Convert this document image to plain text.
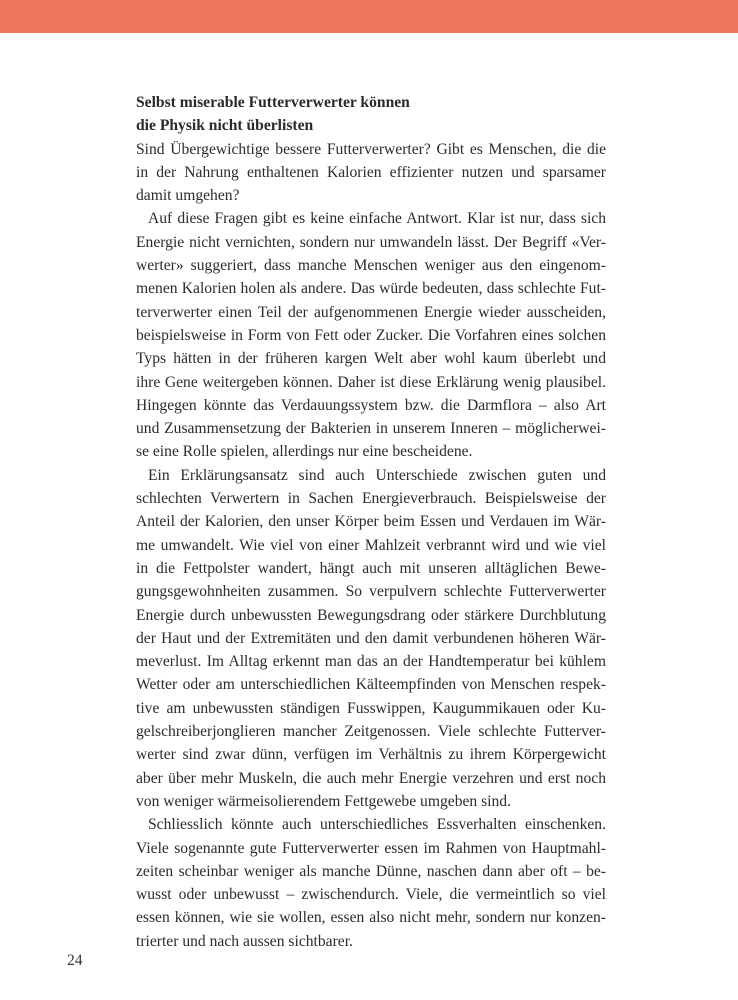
Selbst miserable Futterverwerter können
die Physik nicht überlisten

Sind Übergewichtige bessere Futterverwerter? Gibt es Menschen, die die
in der Nahrung enthaltenen Kalorien effizienter nutzen und sparsamer
damit umgehen?

Auf diese Fragen gibt es keine einfache Antwort. Klar ist nur, dass sich
Energie nicht vernichten, sondern nur umwandeln lässt. Der Begriff «Ver-
werter» suggeriert, dass manche Menschen weniger aus den eingenom-
menen Kalorien holen als andere. Das würde bedeuten, dass schlechte Fut-
terverwerter einen Teil der aufgenommenen Energie wieder ausscheiden,
beispielsweise in Form von Fett oder Zucker. Die Vorfahren eines solchen
Typs hätten in der früheren kargen Welt aber wohl kaum überlebt und
ihre Gene weitergeben können. Daher ist diese Erklärung wenig plausibel.
Hingegen könnte das Verdauungssystem bzw. die Darmflora – also Art
und Zusammensetzung der Bakterien in unserem Inneren – möglicherwei-
se eine Rolle spielen, allerdings nur eine bescheidene.

Ein Erklärungsansatz sind auch Unterschiede zwischen guten und
schlechten Verwertern in Sachen Energieverbrauch. Beispielsweise der
Anteil der Kalorien, den unser Körper beim Essen und Verdauen im Wär-
me umwandelt. Wie viel von einer Mahlzeit verbrannt wird und wie viel
in die Fettpolster wandert, hängt auch mit unseren alltäglichen Bewe-
gungsgewohnheiten zusammen. So verpulvern schlechte Futterverwerter
Energie durch unbewussten Bewegungsdrang oder stärkere Durchblutung
der Haut und der Extremitäten und den damit verbundenen höheren Wär-
meverlust. Im Alltag erkennt man das an der Handtemperatur bei kühlem
Wetter oder am unterschiedlichen Kälteempfinden von Menschen respek-
tive am unbewussten ständigen Fusswippen, Kaugummikauen oder Ku-
gelschreiberjonglieren mancher Zeitgenossen. Viele schlechte Futterver-
werter sind zwar dünn, verfügen im Verhältnis zu ihrem Körpergewicht
aber über mehr Muskeln, die auch mehr Energie verzehren und erst noch
von weniger wärmeisolierendem Fettgewebe umgeben sind.

Schliesslich könnte auch unterschiedliches Essverhalten einschenken.
Viele sogenannte gute Futterverwerter essen im Rahmen von Hauptmahl-
zeiten scheinbar weniger als manche Dünne, naschen dann aber oft – be-
wusst oder unbewusst – zwischendurch. Viele, die vermeintlich so viel
essen können, wie sie wollen, essen also nicht mehr, sondern nur konzen-
trierter und nach aussen sichtbarer.

24
